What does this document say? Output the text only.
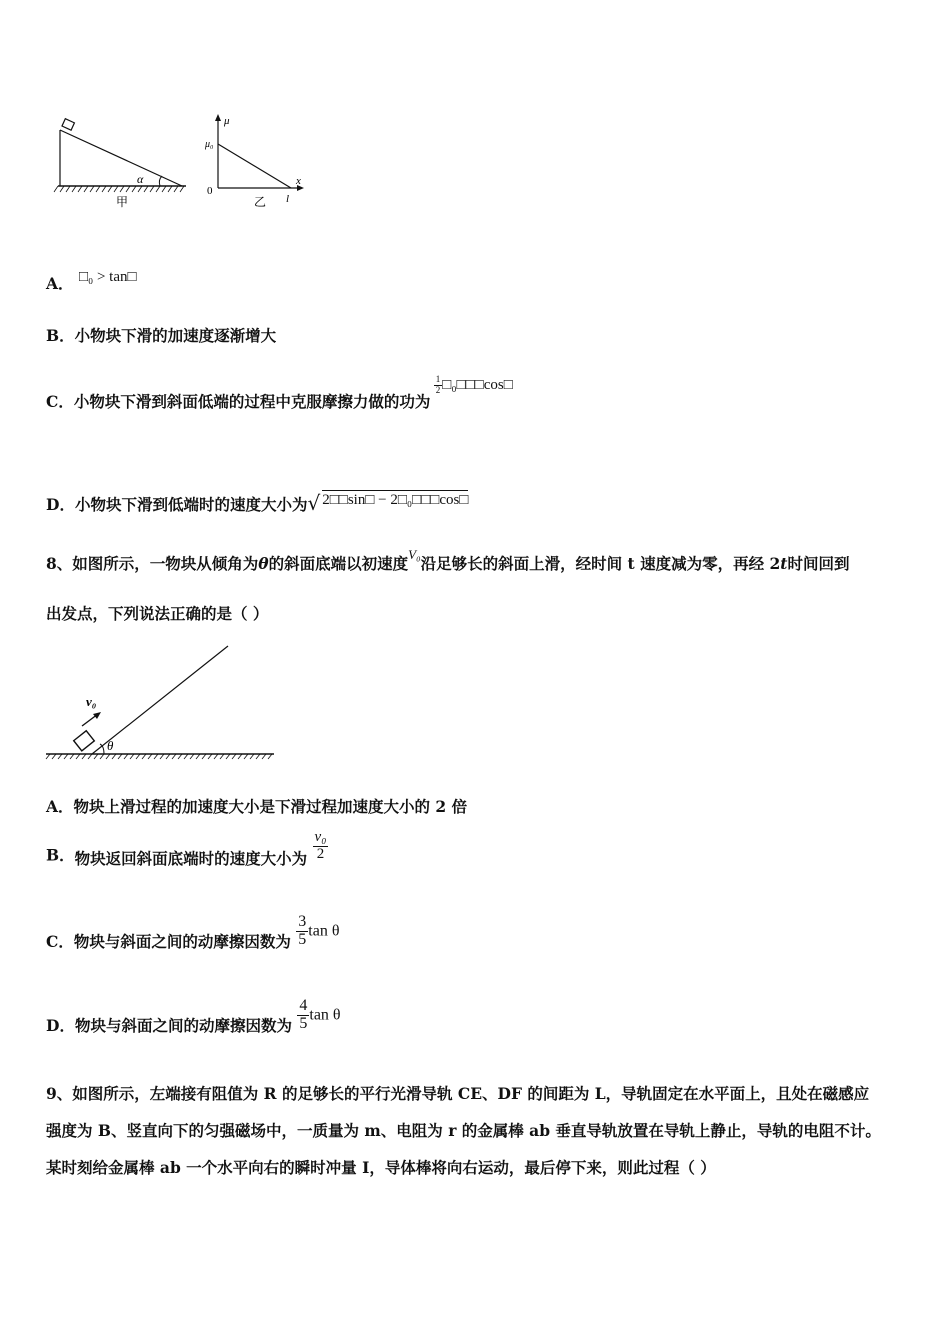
α
甲
μ
μ₀
0
x
l
乙
A． □₀ > tan□
B．小物块下滑的加速度逐渐增大
C．小物块下滑到斜面低端的过程中克服摩擦力做的功为
$\frac{1}{2}$ □₀□□□cos□
D．小物块下滑到低端时的速度大小为√ 2□□sin□ − 2□₀□□□cos□
8、如图所示，一物块从倾角为θ的斜面底端以初速度$^{V_0}$沿足够长的斜面上滑，经时间 t 速度减为零，再经 2t时间回到
出发点，下列说法正确的是（ ）
v₀
θ
A．物块上滑过程的加速度大小是下滑过程加速度大小的 2 倍
B．物块返回斜面底端时的速度大小为 $\frac{\text{v₀}}{2}$
C．物块与斜面之间的动摩擦因数为 $\frac{3}{5}$ tan θ
D．物块与斜面之间的动摩擦因数为 $\frac{4}{5}$ tan θ
9、如图所示，左端接有阻值为 R 的足够长的平行光滑导轨 CE、DF 的间距为 L，导轨固定在水平面上，且处在磁感应
强度为 B、竖直向下的匀强磁场中，一质量为 m、电阻为 r 的金属棒 ab 垂直导轨放置在导轨上静止，导轨的电阻不计。
某时刻给金属棒 ab 一个水平向右的瞬时冲量 I，导体棒将向右运动，最后停下来，则此过程（ ）
